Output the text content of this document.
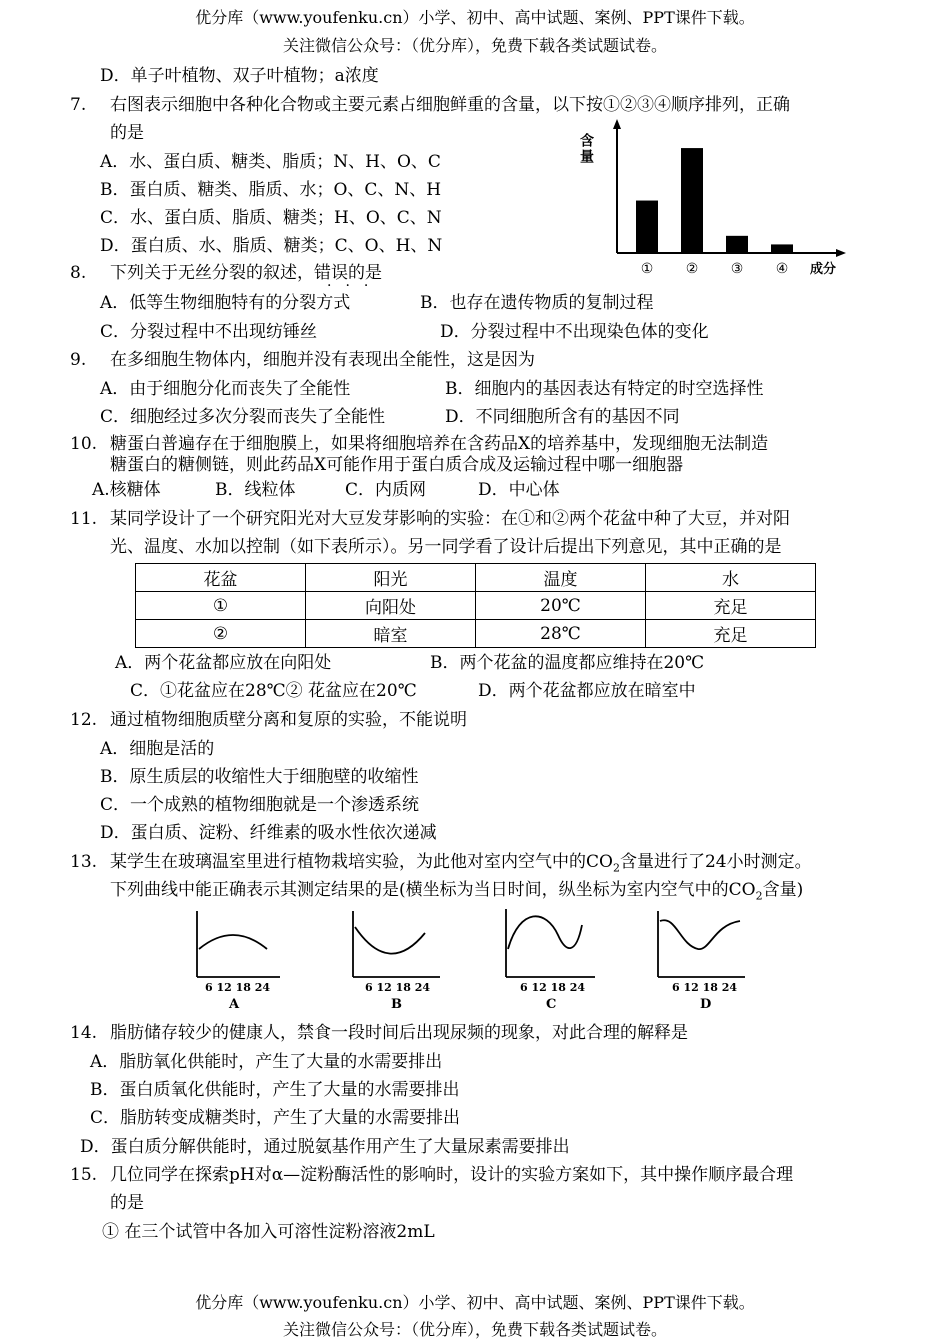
优分库（www.youfenku.cn）小学、初中、高中试题、案例、PPT课件下载。
关注微信公众号：（优分库），免费下载各类试题试卷。
D．单子叶植物、双子叶植物；a浓度
7. 右图表示细胞中各种化合物或主要元素占细胞鲜重的含量，以下按①②③④顺序排列，正确
的是
A．水、蛋白质、糖类、脂质；N、H、O、C
B．蛋白质、糖类、脂质、水；O、C、N、H
C．水、蛋白质、脂质、糖类；H、O、C、N
D．蛋白质、水、脂质、糖类；C、O、H、N
含量
成分
① ② ③ ④
8. 下列关于无丝分裂的叙述，错误的是
···
A．低等生物细胞特有的分裂方式	B．也存在遗传物质的复制过程
C．分裂过程中不出现纺锤丝	D．分裂过程中不出现染色体的变化
9. 在多细胞生物体内，细胞并没有表现出全能性，这是因为
A．由于细胞分化而丧失了全能性	B．细胞内的基因表达有特定的时空选择性
C．细胞经过多次分裂而丧失了全能性	D．不同细胞所含有的基因不同
10. 糖蛋白普遍存在于细胞膜上，如果将细胞培养在含药品X的培养基中，发现细胞无法制造
糖蛋白的糖侧链，则此药品X可能作用于蛋白质合成及运输过程中哪一细胞器
A.核糖体	B．线粒体	C．内质网	D．中心体
11. 某同学设计了一个研究阳光对大豆发芽影响的实验：在①和②两个花盆中种了大豆，并对阳
光、温度、水加以控制（如下表所示）。另一同学看了设计后提出下列意见，其中正确的是
花盆	阳光	温度	水
①	向阳处	20℃	充足
②	暗室	28℃	充足
A．两个花盆都应放在向阳处	B．两个花盆的温度都应维持在20℃
C．①花盆应在28℃② 花盆应在20℃	D．两个花盆都应放在暗室中
12. 通过植物细胞质壁分离和复原的实验，不能说明
A．细胞是活的
B．原生质层的收缩性大于细胞壁的收缩性
C．一个成熟的植物细胞就是一个渗透系统
D．蛋白质、淀粉、纤维素的吸水性依次递减
13. 某学生在玻璃温室里进行植物栽培实验，为此他对室内空气中的$CO_2$含量进行了24小时测定。
下列曲线中能正确表示其测定结果的是(横坐标为当日时间，纵坐标为室内空气中的$CO_2$含量)
6 12 18 24
A
6 12 18 24
B
6 12 18 24
C
6 12 18 24
D
14. 脂肪储存较少的健康人，禁食一段时间后出现尿频的现象，对此合理的解释是
A．脂肪氧化供能时，产生了大量的水需要排出
B．蛋白质氧化供能时，产生了大量的水需要排出
C．脂肪转变成糖类时，产生了大量的水需要排出
D．蛋白质分解供能时，通过脱氨基作用产生了大量尿素需要排出
15. 几位同学在探索pH对α—淀粉酶活性的影响时，设计的实验方案如下，其中操作顺序最合理
的是
① 在三个试管中各加入可溶性淀粉溶液2mL
优分库（www.youfenku.cn）小学、初中、高中试题、案例、PPT课件下载。
关注微信公众号：（优分库），免费下载各类试题试卷。
